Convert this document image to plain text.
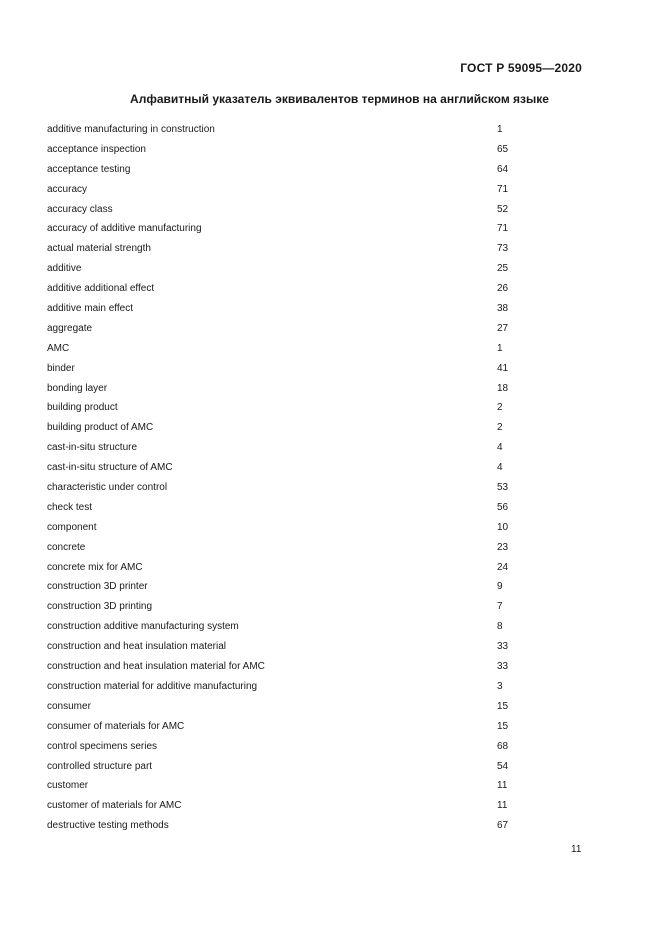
ГОСТ Р 59095—2020
Алфавитный указатель эквивалентов терминов на английском языке
additive manufacturing in construction	1
acceptance inspection	65
acceptance testing	64
accuracy	71
accuracy class	52
accuracy of additive manufacturing	71
actual material strength	73
additive	25
additive additional effect	26
additive main effect	38
aggregate	27
AMC	1
binder	41
bonding layer	18
building product	2
building product of AMC	2
cast-in-situ structure	4
cast-in-situ structure of AMC	4
characteristic under control	53
check test	56
component	10
concrete	23
concrete mix for AMC	24
construction 3D printer	9
construction 3D printing	7
construction additive manufacturing system	8
construction and heat insulation material	33
construction and heat insulation material for AMC	33
construction material for additive manufacturing	3
consumer	15
consumer of materials for AMC	15
control specimens series	68
controlled structure part	54
customer	11
customer of materials for AMC	11
destructive testing methods	67
11
